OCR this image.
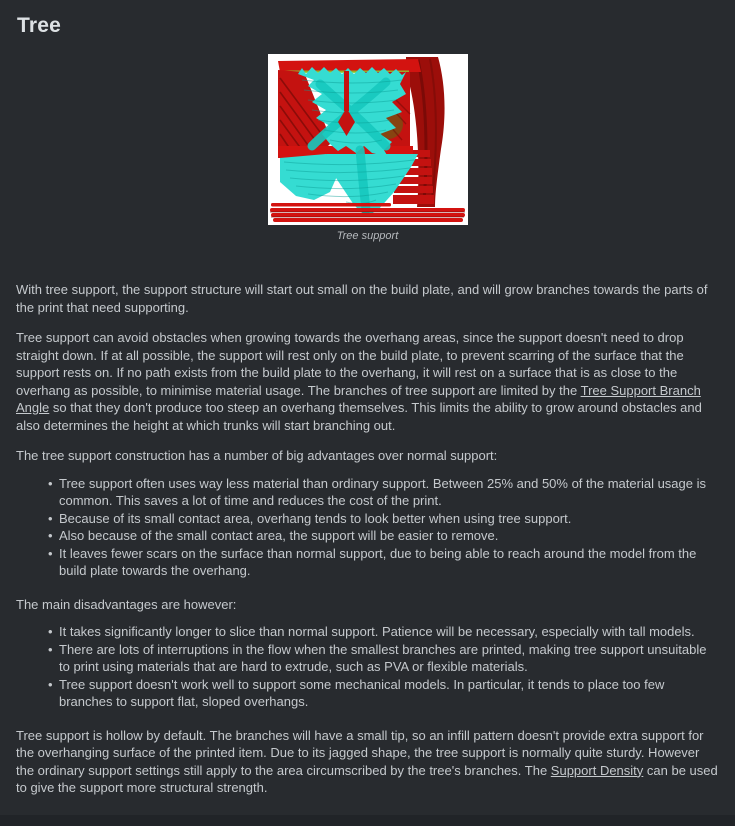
Tree
Tree support

With tree support, the support structure will start out small on the build plate, and will grow branches towards the parts of the print that need supporting.

Tree support can avoid obstacles when growing towards the overhang areas, since the support doesn't need to drop straight down. If at all possible, the support will rest only on the build plate, to prevent scarring of the surface that the support rests on. If no path exists from the build plate to the overhang, it will rest on a surface that is as close to the overhang as possible, to minimise material usage. The branches of tree support are limited by the Tree Support Branch Angle so that they don't produce too steep an overhang themselves. This limits the ability to grow around obstacles and also determines the height at which trunks will start branching out.

The tree support construction has a number of big advantages over normal support:

• Tree support often uses way less material than ordinary support. Between 25% and 50% of the material usage is common. This saves a lot of time and reduces the cost of the print.
• Because of its small contact area, overhang tends to look better when using tree support.
• Also because of the small contact area, the support will be easier to remove.
• It leaves fewer scars on the surface than normal support, due to being able to reach around the model from the build plate towards the overhang.

The main disadvantages are however:

• It takes significantly longer to slice than normal support. Patience will be necessary, especially with tall models.
• There are lots of interruptions in the flow when the smallest branches are printed, making tree support unsuitable to print using materials that are hard to extrude, such as PVA or flexible materials.
• Tree support doesn't work well to support some mechanical models. In particular, it tends to place too few branches to support flat, sloped overhangs.

Tree support is hollow by default. The branches will have a small tip, so an infill pattern doesn't provide extra support for the overhanging surface of the printed item. Due to its jagged shape, the tree support is normally quite sturdy. However the ordinary support settings still apply to the area circumscribed by the tree's branches. The Support Density can be used to give the support more structural strength.
